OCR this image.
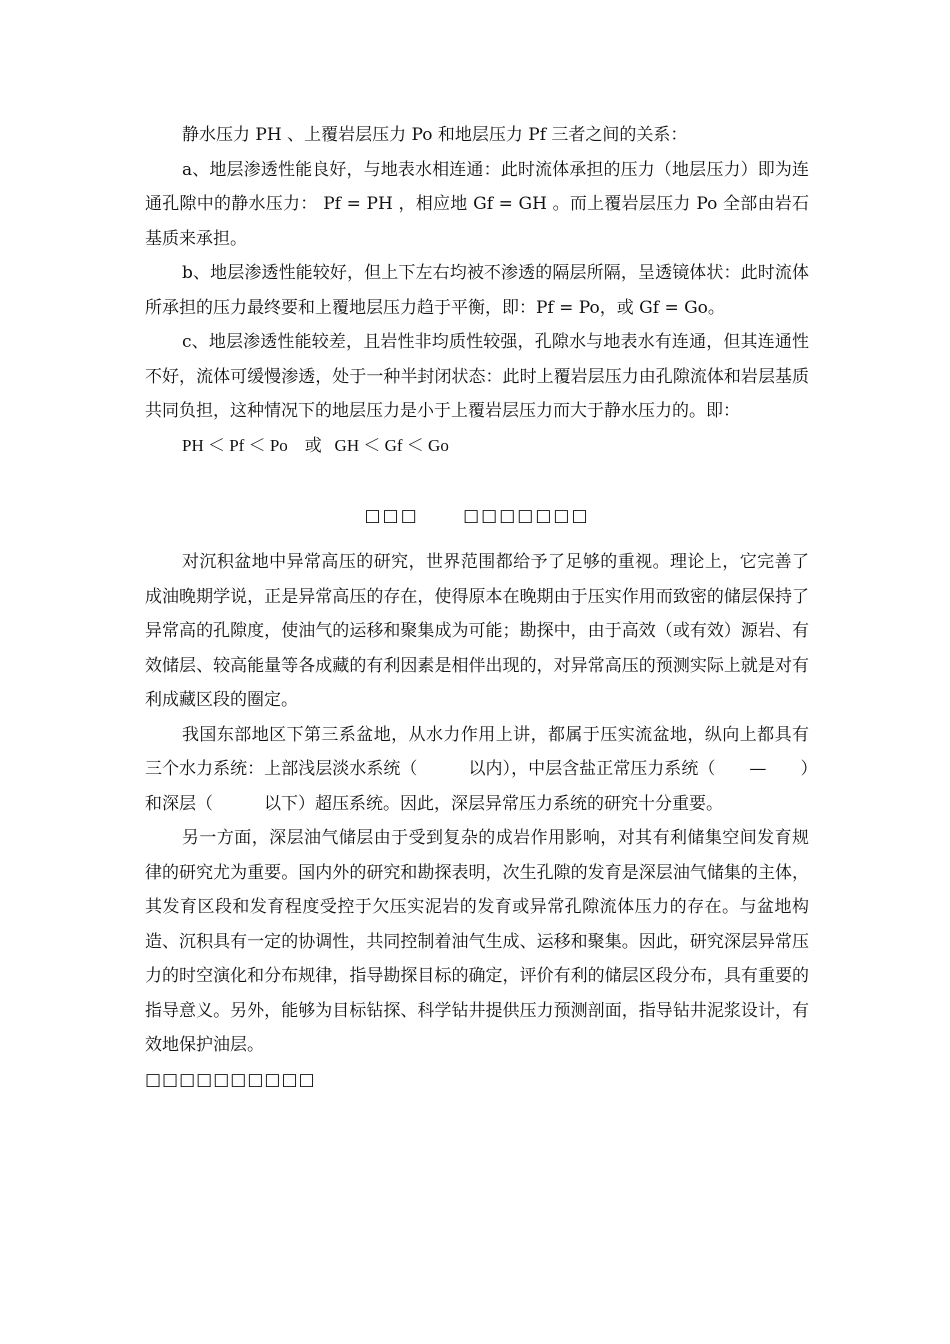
静水压力 PH 、上覆岩层压力 Po 和地层压力 Pf 三者之间的关系：

a、地层渗透性能良好，与地表水相连通：此时流体承担的压力（地层压力）即为连通孔隙中的静水压力： Pf = PH ，相应地 Gf = GH 。而上覆岩层压力 Po 全部由岩石基质来承担。

b、地层渗透性能较好，但上下左右均被不渗透的隔层所隔，呈透镜体状：此时流体所承担的压力最终要和上覆地层压力趋于平衡，即：Pf = Po，或 Gf = Go。

c、地层渗透性能较差，且岩性非均质性较强，孔隙水与地表水有连通，但其连通性不好，流体可缓慢渗透，处于一种半封闭状态：此时上覆岩层压力由孔隙流体和岩层基质共同负担，这种情况下的地层压力是小于上覆岩层压力而大于静水压力的。即：

PH ＜ Pf ＜ Po    或   GH ＜ Gf ＜ Go
□□□      □□□□□□□

对沉积盆地中异常高压的研究，世界范围都给予了足够的重视。理论上，它完善了成油晚期学说，正是异常高压的存在，使得原本在晚期由于压实作用而致密的储层保持了异常高的孔隙度，使油气的运移和聚集成为可能；勘探中，由于高效（或有效）源岩、有效储层、较高能量等各成藏的有利因素是相伴出现的，对异常高压的预测实际上就是对有利成藏区段的圈定。

我国东部地区下第三系盆地，从水力作用上讲，都属于压实流盆地，纵向上都具有三个水力系统：上部浅层淡水系统（　　　以内），中层含盐正常压力系统（　　—　　）和深层（　　　以下）超压系统。因此，深层异常压力系统的研究十分重要。

另一方面，深层油气储层由于受到复杂的成岩作用影响，对其有利储集空间发育规律的研究尤为重要。国内外的研究和勘探表明，次生孔隙的发育是深层油气储集的主体，其发育区段和发育程度受控于欠压实泥岩的发育或异常孔隙流体压力的存在。与盆地构造、沉积具有一定的协调性，共同控制着油气生成、运移和聚集。因此，研究深层异常压力的时空演化和分布规律，指导勘探目标的确定，评价有利的储层区段分布，具有重要的指导意义。另外，能够为目标钻探、科学钻井提供压力预测剖面，指导钻井泥浆设计，有效地保护油层。

□□□□□□□□□□
